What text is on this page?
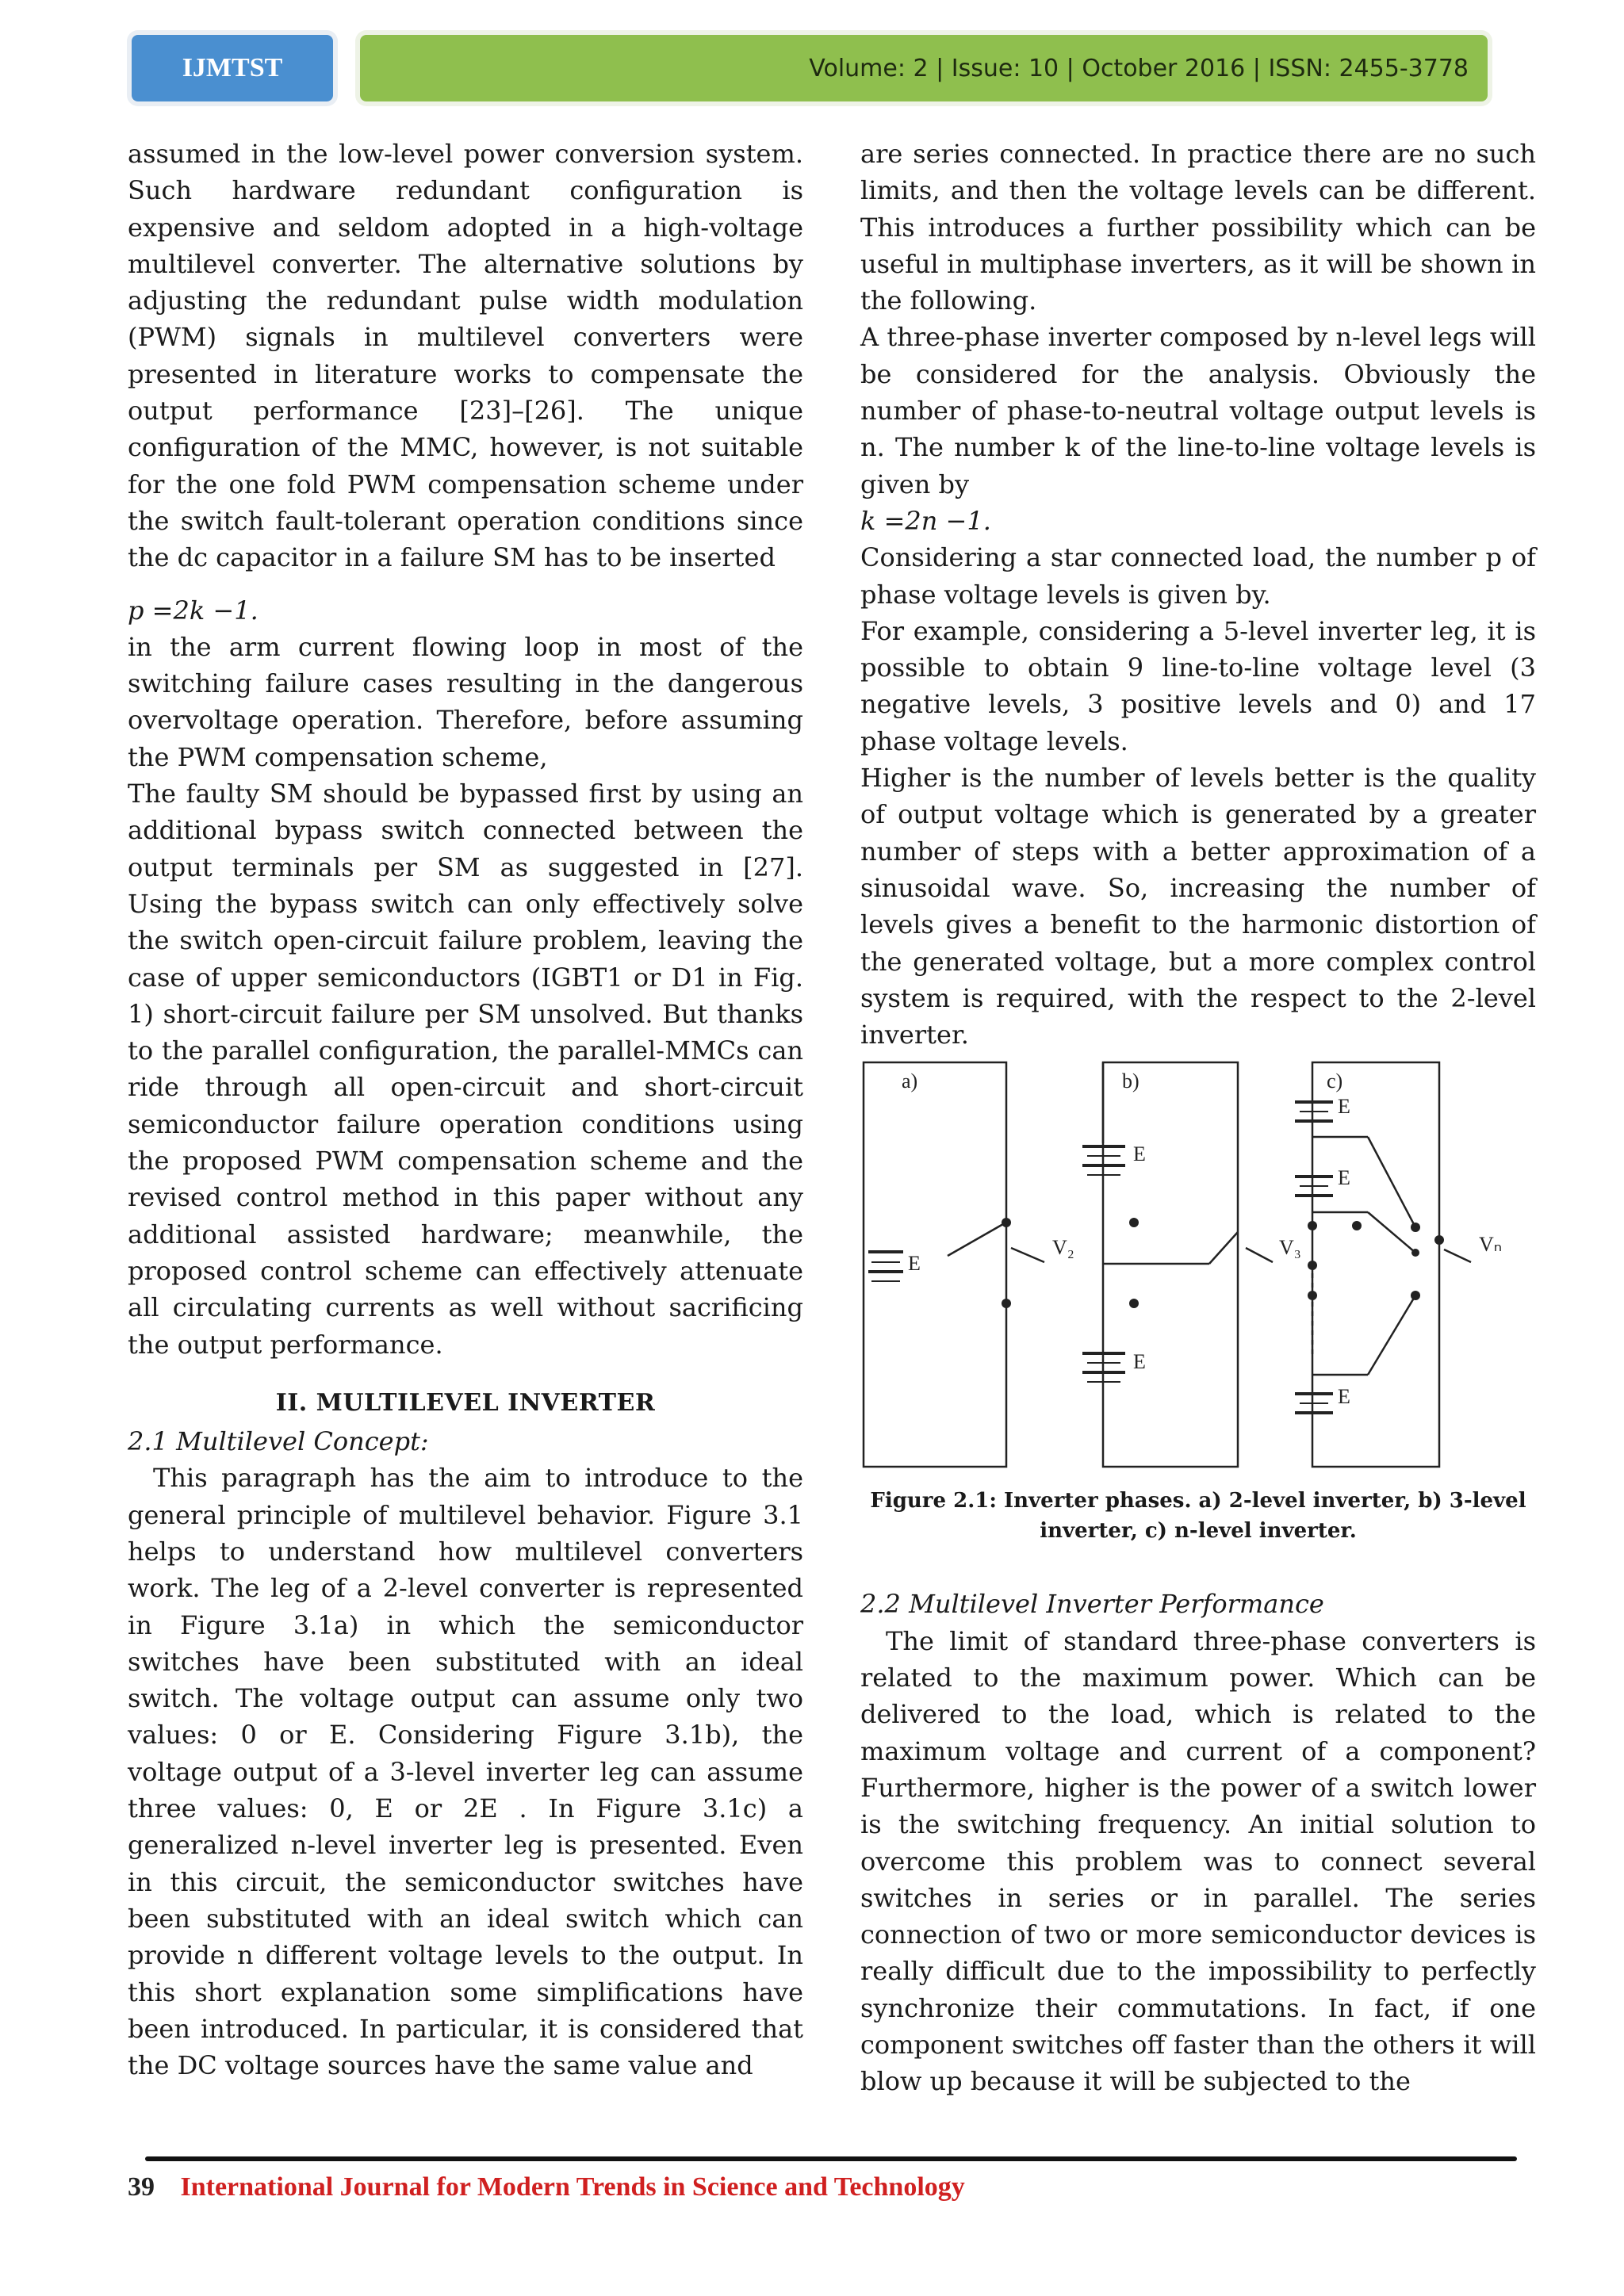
IJMTST	Volume: 2 | Issue: 10 | October 2016 | ISSN: 2455-3778

assumed in the low-level power conversion system. Such hardware redundant configuration is expensive and seldom adopted in a high-voltage multilevel converter. The alternative solutions by adjusting the redundant pulse width modulation (PWM) signals in multilevel converters were presented in literature works to compensate the output performance [23]–[26]. The unique configuration of the MMC, however, is not suitable for the one fold PWM compensation scheme under the switch fault-tolerant operation conditions since the dc capacitor in a failure SM has to be inserted

p =2k −1.

in the arm current flowing loop in most of the switching failure cases resulting in the dangerous overvoltage operation. Therefore, before assuming the PWM compensation scheme,

The faulty SM should be bypassed first by using an additional bypass switch connected between the output terminals per SM as suggested in [27]. Using the bypass switch can only effectively solve the switch open-circuit failure problem, leaving the case of upper semiconductors (IGBT1 or D1 in Fig. 1) short-circuit failure per SM unsolved. But thanks to the parallel configuration, the parallel-MMCs can ride through all open-circuit and short-circuit semiconductor failure operation conditions using the proposed PWM compensation scheme and the revised control method in this paper without any additional assisted hardware; meanwhile, the proposed control scheme can effectively attenuate all circulating currents as well without sacrificing the output performance.

II. MULTILEVEL INVERTER

2.1 Multilevel Concept:

This paragraph has the aim to introduce to the general principle of multilevel behavior. Figure 3.1 helps to understand how multilevel converters work. The leg of a 2-level converter is represented in Figure 3.1a) in which the semiconductor switches have been substituted with an ideal switch. The voltage output can assume only two values: 0 or E. Considering Figure 3.1b), the voltage output of a 3-level inverter leg can assume three values: 0, E or 2E . In Figure 3.1c) a generalized n-level inverter leg is presented. Even in this circuit, the semiconductor switches have been substituted with an ideal switch which can provide n different voltage levels to the output. In this short explanation some simplifications have been introduced. In particular, it is considered that the DC voltage sources have the same value and

are series connected. In practice there are no such limits, and then the voltage levels can be different. This introduces a further possibility which can be useful in multiphase inverters, as it will be shown in the following.

A three-phase inverter composed by n-level legs will be considered for the analysis. Obviously the number of phase-to-neutral voltage output levels is n. The number k of the line-to-line voltage levels is given by

k =2n −1.

Considering a star connected load, the number p of phase voltage levels is given by.

For example, considering a 5-level inverter leg, it is possible to obtain 9 line-to-line voltage level (3 negative levels, 3 positive levels and 0) and 17 phase voltage levels.

Higher is the number of levels better is the quality of output voltage which is generated by a greater number of steps with a better approximation of a sinusoidal wave. So, increasing the number of levels gives a benefit to the harmonic distortion of the generated voltage, but a more complex control system is required, with the respect to the 2-level inverter.

a)
E
V₂
b)
E
E
V₃
c)
E
E
E
Vₙ
Figure 2.1: Inverter phases. a) 2-level inverter, b) 3-level inverter, c) n-level inverter.

2.2 Multilevel Inverter Performance

The limit of standard three-phase converters is related to the maximum power. Which can be delivered to the load, which is related to the maximum voltage and current of a component? Furthermore, higher is the power of a switch lower is the switching frequency. An initial solution to overcome this problem was to connect several switches in series or in parallel. The series connection of two or more semiconductor devices is really difficult due to the impossibility to perfectly synchronize their commutations. In fact, if one component switches off faster than the others it will blow up because it will be subjected to the

39 International Journal for Modern Trends in Science and Technology
